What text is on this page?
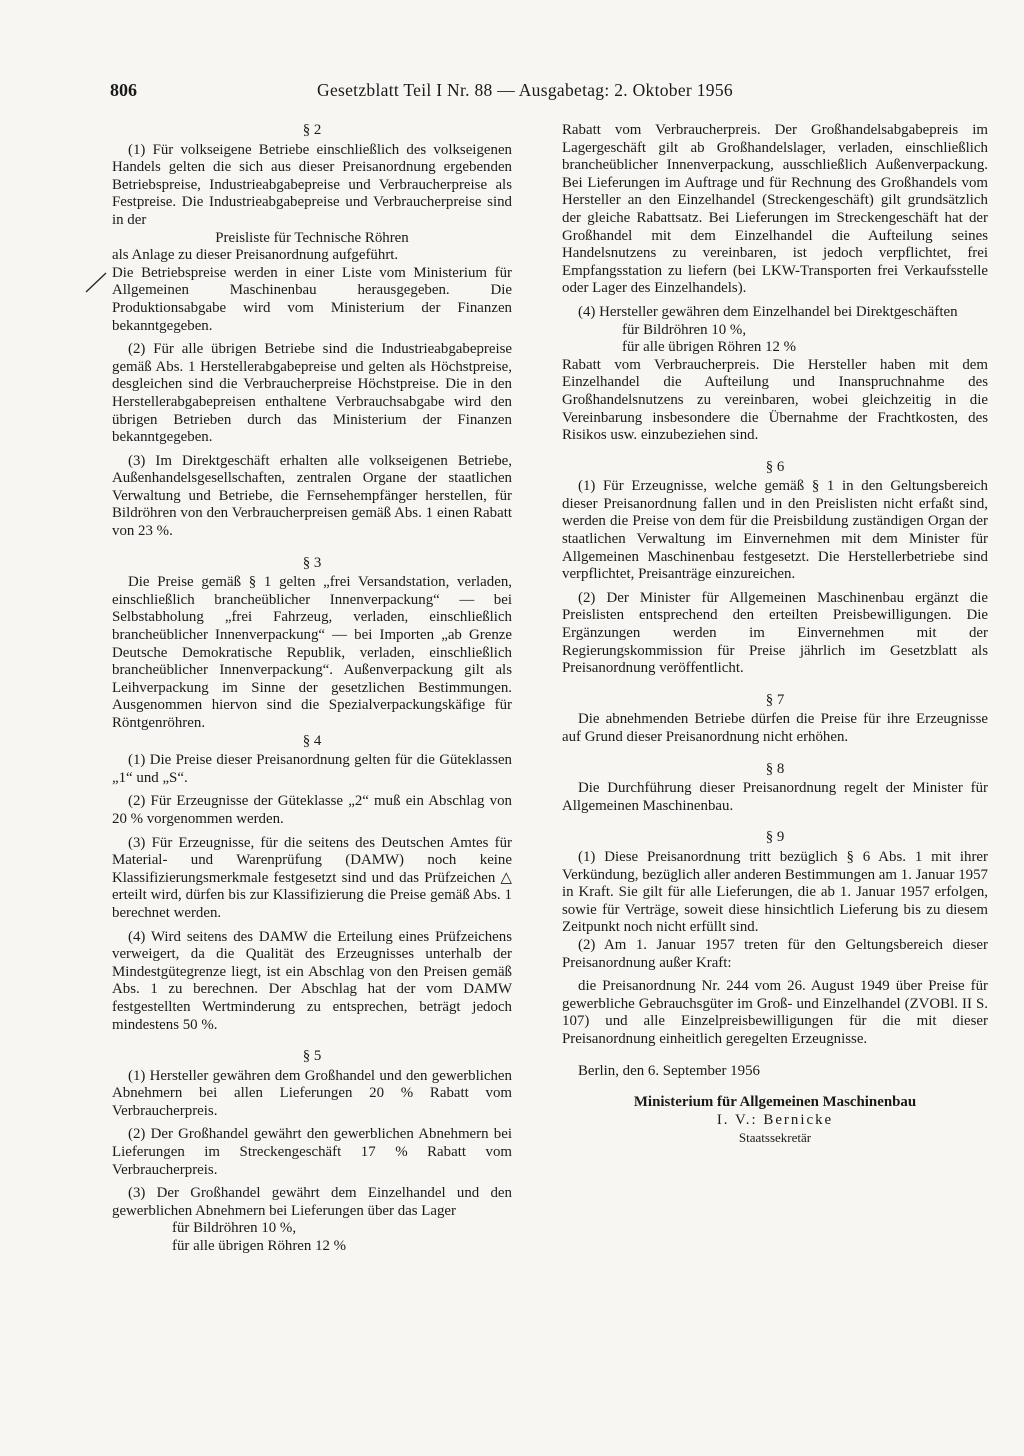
806	Gesetzblatt Teil I Nr. 88 — Ausgabetag: 2. Oktober 1956

§ 2

(1) Für volkseigene Betriebe einschließlich des volkseigenen Handels gelten die sich aus dieser Preisanordnung ergebenden Betriebspreise, Industrieabgabepreise und Verbraucherpreise als Festpreise. Die Industrieabgabepreise und Verbraucherpreise sind in der

Preisliste für Technische Röhren

als Anlage zu dieser Preisanordnung aufgeführt.

Die Betriebspreise werden in einer Liste vom Ministerium für Allgemeinen Maschinenbau herausgegeben. Die Produktionsabgabe wird vom Ministerium der Finanzen bekanntgegeben.

(2) Für alle übrigen Betriebe sind die Industrieabgabepreise gemäß Abs. 1 Herstellerabgabepreise und gelten als Höchstpreise, desgleichen sind die Verbraucherpreise Höchstpreise. Die in den Herstellerabgabepreisen enthaltene Verbrauchsabgabe wird den übrigen Betrieben durch das Ministerium der Finanzen bekanntgegeben.

(3) Im Direktgeschäft erhalten alle volkseigenen Betriebe, Außenhandelsgesellschaften, zentralen Organe der staatlichen Verwaltung und Betriebe, die Fernsehempfänger herstellen, für Bildröhren von den Verbraucherpreisen gemäß Abs. 1 einen Rabatt von 23 %.

§ 3

Die Preise gemäß § 1 gelten „frei Versandstation, verladen, einschließlich brancheüblicher Innenverpackung“ — bei Selbstabholung „frei Fahrzeug, verladen, einschließlich brancheüblicher Innenverpackung“ — bei Importen „ab Grenze Deutsche Demokratische Republik, verladen, einschließlich brancheüblicher Innenverpackung“. Außenverpackung gilt als Leihverpackung im Sinne der gesetzlichen Bestimmungen. Ausgenommen hiervon sind die Spezialverpackungskäfige für Röntgenröhren.

§ 4

(1) Die Preise dieser Preisanordnung gelten für die Güteklassen „1“ und „S“.

(2) Für Erzeugnisse der Güteklasse „2“ muß ein Abschlag von 20 % vorgenommen werden.

(3) Für Erzeugnisse, für die seitens des Deutschen Amtes für Material- und Warenprüfung (DAMW) noch keine Klassifizierungsmerkmale festgesetzt sind und das Prüfzeichen △ erteilt wird, dürfen bis zur Klassifizierung die Preise gemäß Abs. 1 berechnet werden.

(4) Wird seitens des DAMW die Erteilung eines Prüfzeichens verweigert, da die Qualität des Erzeugnisses unterhalb der Mindestgütegrenze liegt, ist ein Abschlag von den Preisen gemäß Abs. 1 zu berechnen. Der Abschlag hat der vom DAMW festgestellten Wertminderung zu entsprechen, beträgt jedoch mindestens 50 %.

§ 5

(1) Hersteller gewähren dem Großhandel und den gewerblichen Abnehmern bei allen Lieferungen 20 % Rabatt vom Verbraucherpreis.

(2) Der Großhandel gewährt den gewerblichen Abnehmern bei Lieferungen im Streckengeschäft 17 % Rabatt vom Verbraucherpreis.

(3) Der Großhandel gewährt dem Einzelhandel und den gewerblichen Abnehmern bei Lieferungen über das Lager

für Bildröhren 10 %,

für alle übrigen Röhren 12 %

Rabatt vom Verbraucherpreis. Der Großhandelsabgabepreis im Lagergeschäft gilt ab Großhandelslager, verladen, einschließlich brancheüblicher Innenverpackung, ausschließlich Außenverpackung. Bei Lieferungen im Auftrage und für Rechnung des Großhandels vom Hersteller an den Einzelhandel (Streckengeschäft) gilt grundsätzlich der gleiche Rabattsatz. Bei Lieferungen im Streckengeschäft hat der Großhandel mit dem Einzelhandel die Aufteilung seines Handelsnutzens zu vereinbaren, ist jedoch verpflichtet, frei Empfangsstation zu liefern (bei LKW-Transporten frei Verkaufsstelle oder Lager des Einzelhandels).

(4) Hersteller gewähren dem Einzelhandel bei Direktgeschäften

für Bildröhren 10 %,

für alle übrigen Röhren 12 %

Rabatt vom Verbraucherpreis. Die Hersteller haben mit dem Einzelhandel die Aufteilung und Inanspruchnahme des Großhandelsnutzens zu vereinbaren, wobei gleichzeitig in die Vereinbarung insbesondere die Übernahme der Frachtkosten, des Risikos usw. einzubeziehen sind.

§ 6

(1) Für Erzeugnisse, welche gemäß § 1 in den Geltungsbereich dieser Preisanordnung fallen und in den Preislisten nicht erfaßt sind, werden die Preise von dem für die Preisbildung zuständigen Organ der staatlichen Verwaltung im Einvernehmen mit dem Minister für Allgemeinen Maschinenbau festgesetzt. Die Herstellerbetriebe sind verpflichtet, Preisanträge einzureichen.

(2) Der Minister für Allgemeinen Maschinenbau ergänzt die Preislisten entsprechend den erteilten Preisbewilligungen. Die Ergänzungen werden im Einvernehmen mit der Regierungskommission für Preise jährlich im Gesetzblatt als Preisanordnung veröffentlicht.

§ 7

Die abnehmenden Betriebe dürfen die Preise für ihre Erzeugnisse auf Grund dieser Preisanordnung nicht erhöhen.

§ 8

Die Durchführung dieser Preisanordnung regelt der Minister für Allgemeinen Maschinenbau.

§ 9

(1) Diese Preisanordnung tritt bezüglich § 6 Abs. 1 mit ihrer Verkündung, bezüglich aller anderen Bestimmungen am 1. Januar 1957 in Kraft. Sie gilt für alle Lieferungen, die ab 1. Januar 1957 erfolgen, sowie für Verträge, soweit diese hinsichtlich Lieferung bis zu diesem Zeitpunkt noch nicht erfüllt sind.

(2) Am 1. Januar 1957 treten für den Geltungsbereich dieser Preisanordnung außer Kraft:

die Preisanordnung Nr. 244 vom 26. August 1949 über Preise für gewerbliche Gebrauchsgüter im Groß- und Einzelhandel (ZVOBl. II S. 107) und alle Einzelpreisbewilligungen für die mit dieser Preisanordnung einheitlich geregelten Erzeugnisse.

Berlin, den 6. September 1956

Ministerium für Allgemeinen Maschinenbau

I. V.: Bernicke

Staatssekretär
